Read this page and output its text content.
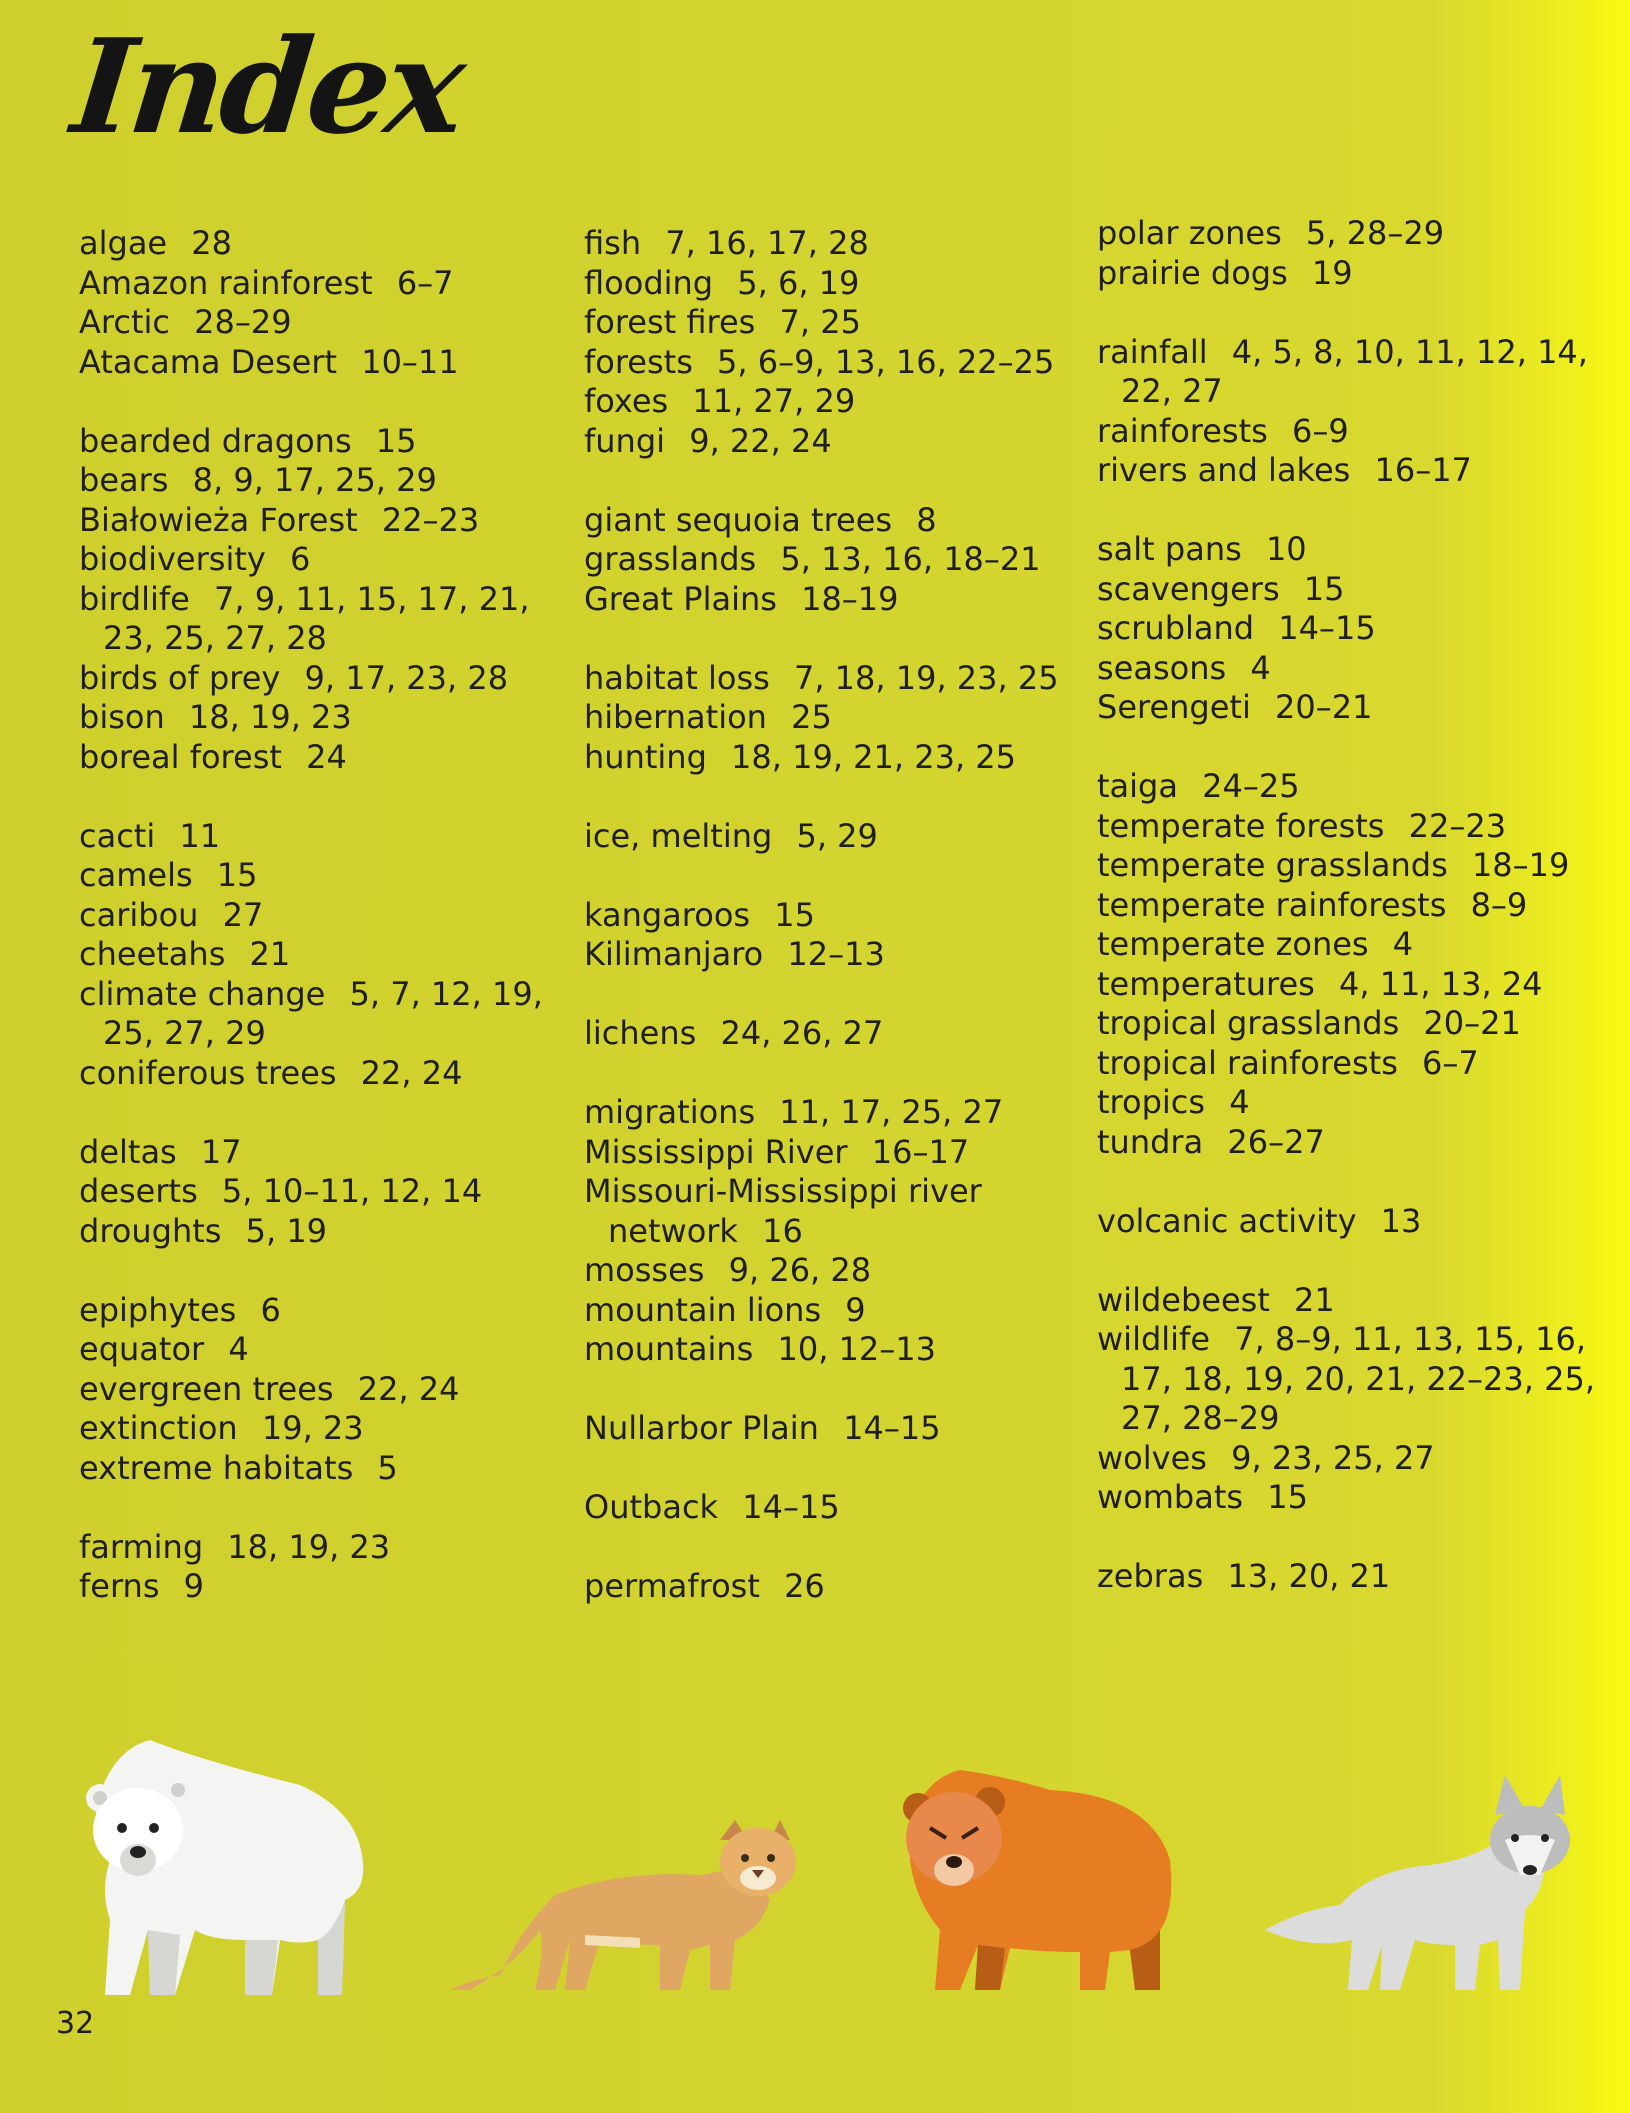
Index
algae 28
Amazon rainforest 6–7
Arctic 28–29
Atacama Desert 10–11
bearded dragons 15
bears 8, 9, 17, 25, 29
Białowieża Forest 22–23
biodiversity 6
birdlife 7, 9, 11, 15, 17, 21, 23, 25, 27, 28
birds of prey 9, 17, 23, 28
bison 18, 19, 23
boreal forest 24
cacti 11
camels 15
caribou 27
cheetahs 21
climate change 5, 7, 12, 19, 25, 27, 29
coniferous trees 22, 24
deltas 17
deserts 5, 10–11, 12, 14
droughts 5, 19
epiphytes 6
equator 4
evergreen trees 22, 24
extinction 19, 23
extreme habitats 5
farming 18, 19, 23
ferns 9
fish 7, 16, 17, 28
flooding 5, 6, 19
forest fires 7, 25
forests 5, 6–9, 13, 16, 22–25
foxes 11, 27, 29
fungi 9, 22, 24
giant sequoia trees 8
grasslands 5, 13, 16, 18–21
Great Plains 18–19
habitat loss 7, 18, 19, 23, 25
hibernation 25
hunting 18, 19, 21, 23, 25
ice, melting 5, 29
kangaroos 15
Kilimanjaro 12–13
lichens 24, 26, 27
migrations 11, 17, 25, 27
Mississippi River 16–17
Missouri-Mississippi river network 16
mosses 9, 26, 28
mountain lions 9
mountains 10, 12–13
Nullarbor Plain 14–15
Outback 14–15
permafrost 26
polar zones 5, 28–29
prairie dogs 19
rainfall 4, 5, 8, 10, 11, 12, 14, 22, 27
rainforests 6–9
rivers and lakes 16–17
salt pans 10
scavengers 15
scrubland 14–15
seasons 4
Serengeti 20–21
taiga 24–25
temperate forests 22–23
temperate grasslands 18–19
temperate rainforests 8–9
temperate zones 4
temperatures 4, 11, 13, 24
tropical grasslands 20–21
tropical rainforests 6–7
tropics 4
tundra 26–27
volcanic activity 13
wildebeest 21
wildlife 7, 8–9, 11, 13, 15, 16, 17, 18, 19, 20, 21, 22–23, 25, 27, 28–29
wolves 9, 23, 25, 27
wombats 15
zebras 13, 20, 21
32
